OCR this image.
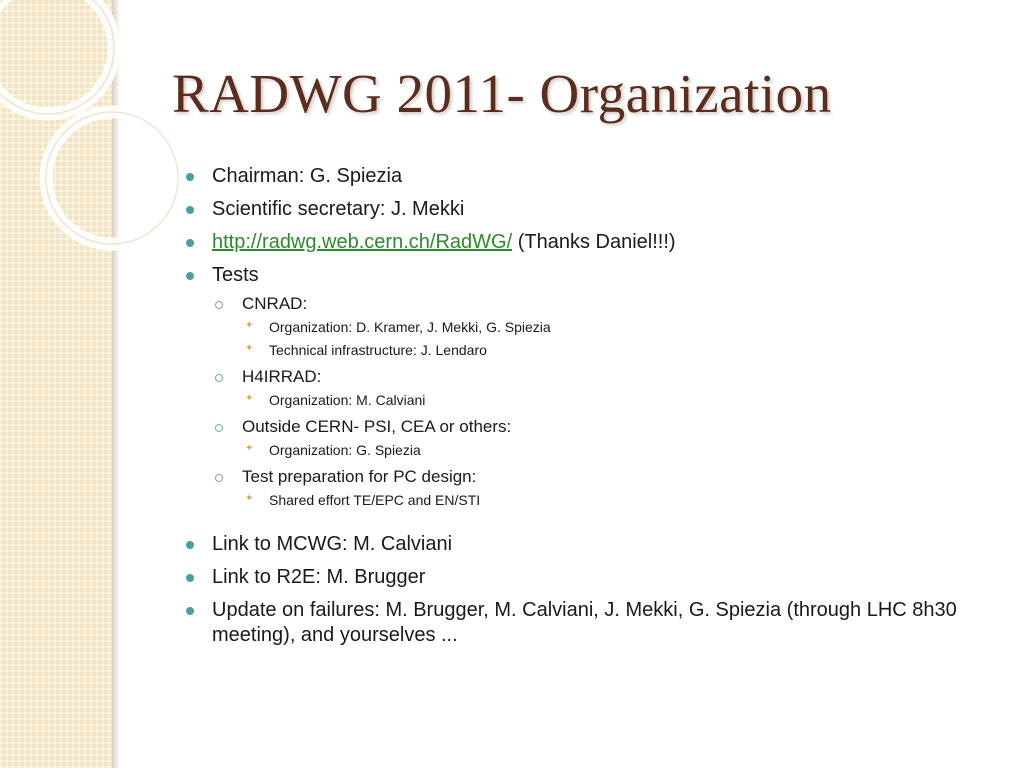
RADWG 2011- Organization
Chairman: G. Spiezia
Scientific secretary: J. Mekki
http://radwg.web.cern.ch/RadWG/ (Thanks Daniel!!!)
Tests
CNRAD:
✦ Organization: D. Kramer, J. Mekki, G. Spiezia
✦ Technical infrastructure: J. Lendaro
H4IRRAD:
✦ Organization: M. Calviani
Outside CERN- PSI, CEA or others:
✦ Organization: G. Spiezia
Test preparation for PC design:
✦ Shared effort TE/EPC and EN/STI
Link to MCWG: M. Calviani
Link to R2E: M. Brugger
Update on failures: M. Brugger, M. Calviani, J. Mekki, G. Spiezia (through LHC 8h30 meeting), and yourselves ...
